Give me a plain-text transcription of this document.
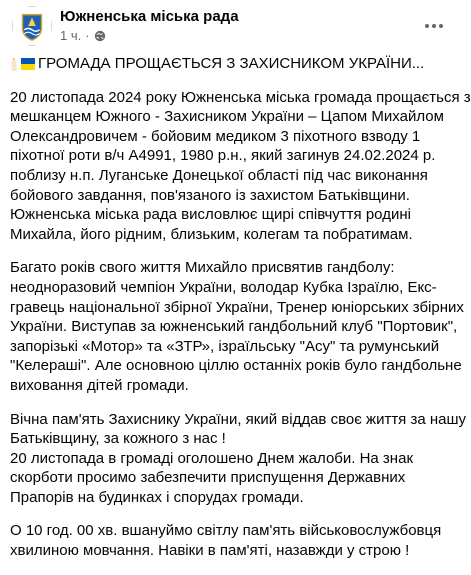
Южненська міська рада
1 ч. ·
ГРОМАДА ПРОЩАЄТЬСЯ З ЗАХИСНИКОМ УКРАЇНИ...
20 листопада 2024 року Южненська міська громада прощається з
мешканцем Южного - Захисником України – Цапом Михайлом
Олександровичем - бойовим медиком 3 піхотного взводу 1
піхотної роти в/ч А4991, 1980 р.н., який загинув 24.02.2024 р.
поблизу н.п. Луганське Донецької області під час виконання
бойового завдання, пов'язаного із захистом Батьківщини.
Южненська міська рада висловлює щирі співчуття родині
Михайла, його рідним, близьким, колегам та побратимам.
Багато років свого життя Михайло присвятив гандболу:
неодноразовий чемпіон України, володар Кубка Ізраїлю, Екс-
гравець національної збірної України, Тренер юніорських збірних
України. Виступав за южненський гандбольний клуб "Портовик",
запорізькі «Мотор» та «ЗТР», ізраїльську "Асу" та румунський
"Келераші". Але основною ціллю останніх років було гандбольне
виховання дітей громади.
Вічна пам'ять Захиснику України, який віддав своє життя за нашу
Батьківщину, за кожного з нас !
20 листопада в громаді оголошено Днем жалоби. На знак
скорботи просимо забезпечити приспущення Державних
Прапорів на будинках і спорудах громади.
О 10 год. 00 хв. вшануймо світлу пам'ять військовослужбовця
хвилиною мовчання. Навіки в пам'яті, назавжди у строю !
